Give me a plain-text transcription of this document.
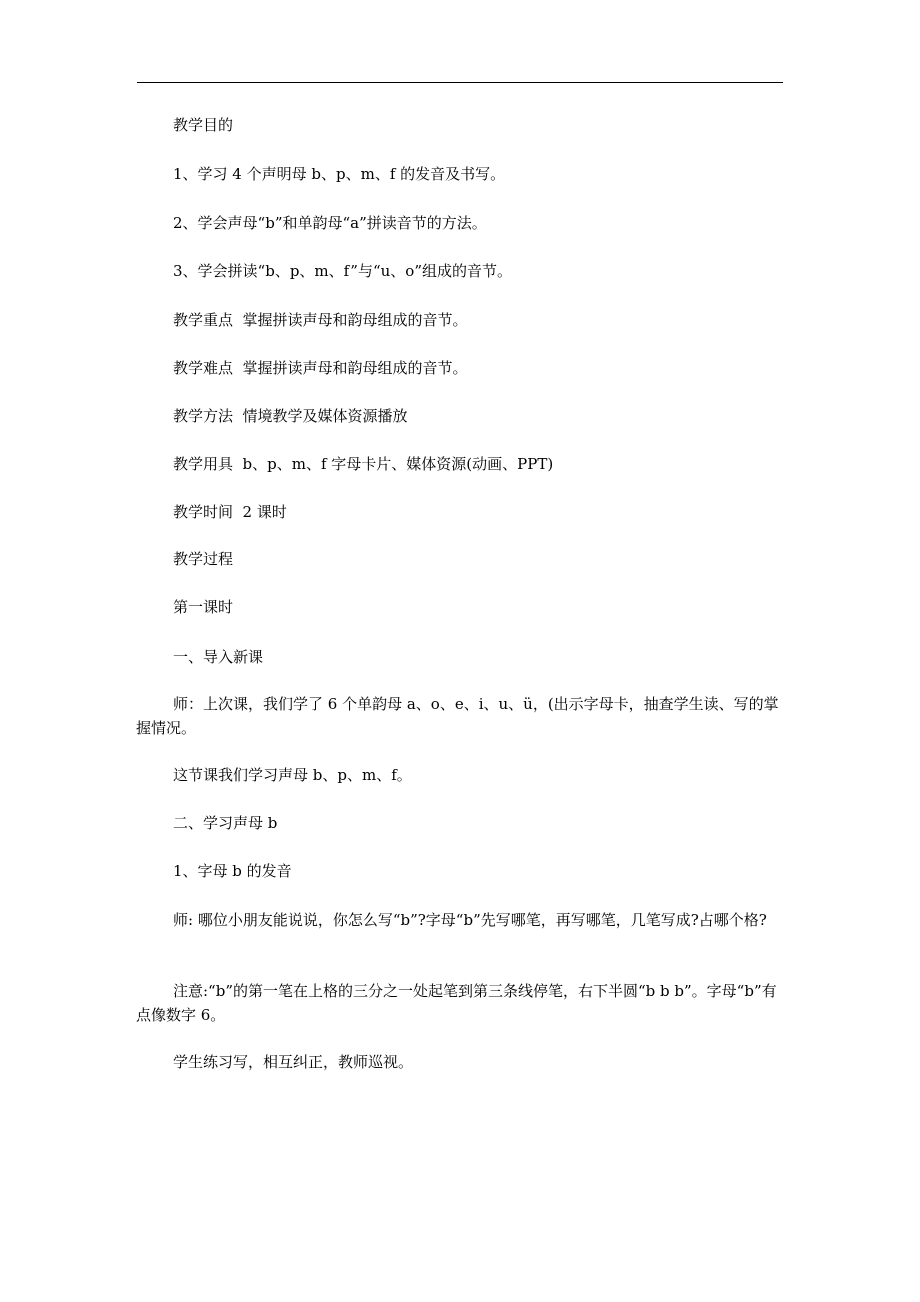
教学目的

1、学习 4 个声明母 b、p、m、f 的发音及书写。

2、学会声母“b”和单韵母“a”拼读音节的方法。

3、学会拼读“b、p、m、f”与“u、o”组成的音节。

教学重点  掌握拼读声母和韵母组成的音节。

教学难点  掌握拼读声母和韵母组成的音节。

教学方法  情境教学及媒体资源播放

教学用具  b、p、m、f 字母卡片、媒体资源(动画、PPT)

教学时间  2 课时

教学过程

第一课时

一、导入新课

师：上次课，我们学了 6 个单韵母 a、o、e、i、u、ü，(出示字母卡，抽查学生读、写的掌握情况。

这节课我们学习声母 b、p、m、f。

二、学习声母 b

1、字母 b 的发音

师: 哪位小朋友能说说，你怎么写“b”?字母“b”先写哪笔，再写哪笔，几笔写成?占哪个格?

注意:“b”的第一笔在上格的三分之一处起笔到第三条线停笔，右下半圆“b b b”。字母“b”有点像数字 6。

学生练习写，相互纠正，教师巡视。
